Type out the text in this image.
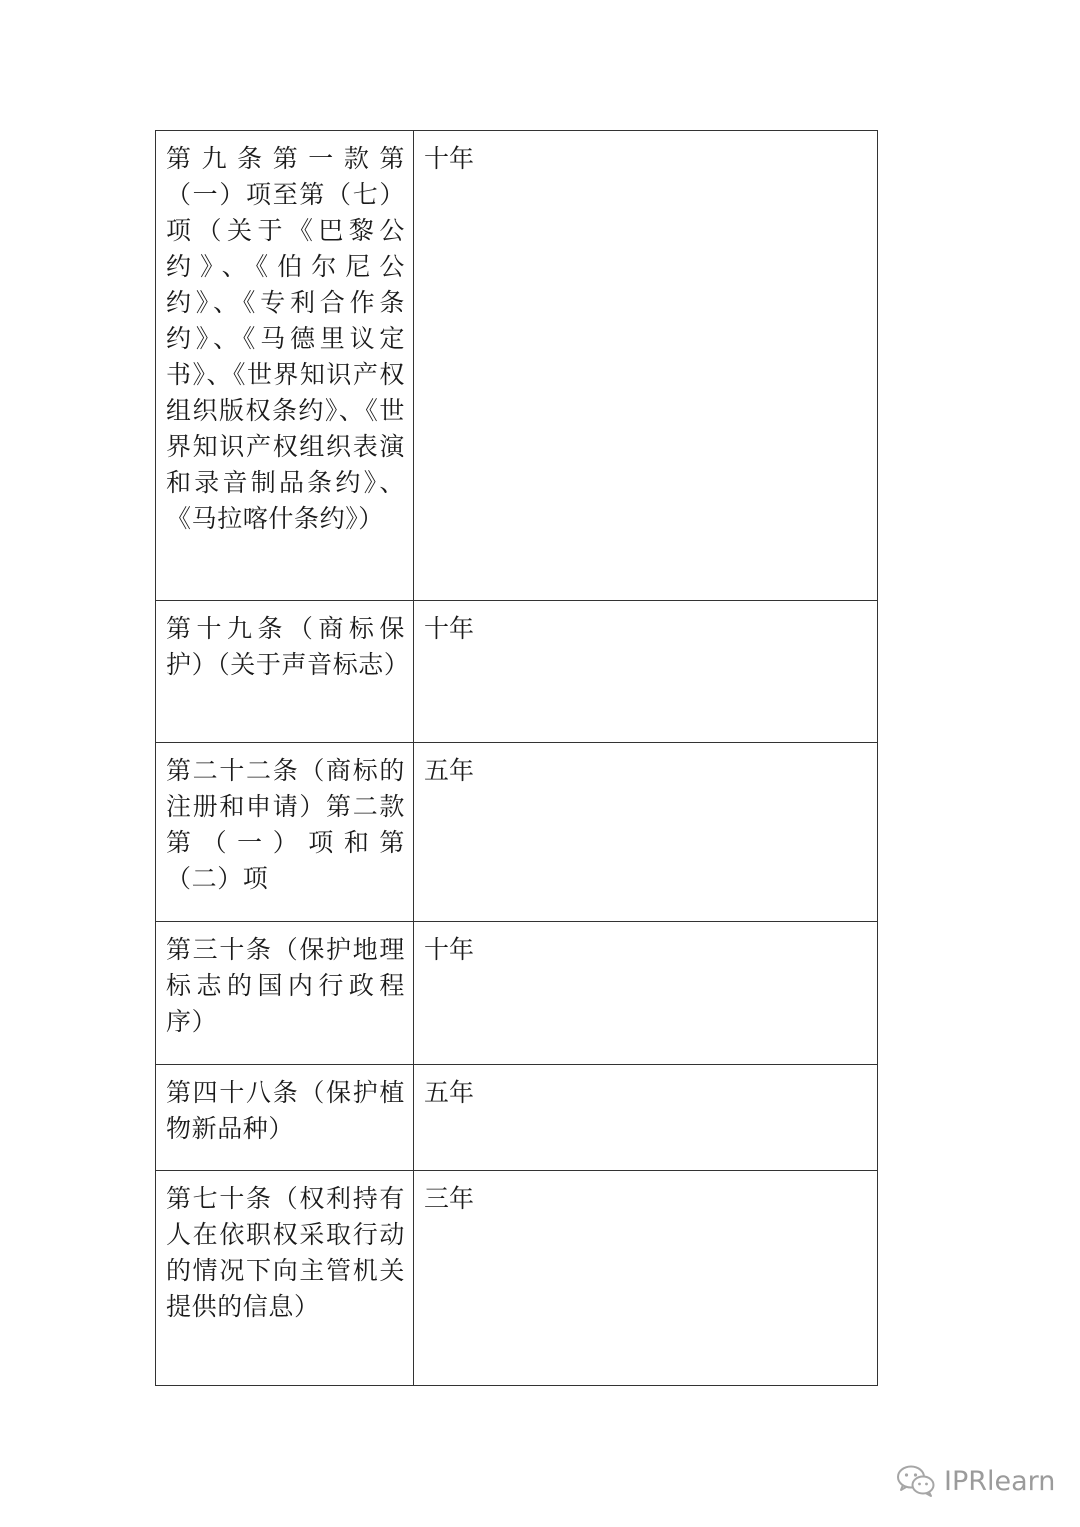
第九条第一款第（一）项至第（七）项（关于《巴黎公约》、《伯尔尼公约》、《专利合作条约》、《马德里议定书》、《世界知识产权组织版权条约》、《世界知识产权组织表演和录音制品条约》、《马拉喀什条约》）	十年
第十九条（商标保护）（关于声音标志）	十年
第二十二条（商标的注册和申请）第二款第（一）项和第（二）项	五年
第三十条（保护地理标志的国内行政程序）	十年
第四十八条（保护植物新品种）	五年
第七十条（权利持有人在依职权采取行动的情况下向主管机关提供的信息）	三年
IPRlearn
